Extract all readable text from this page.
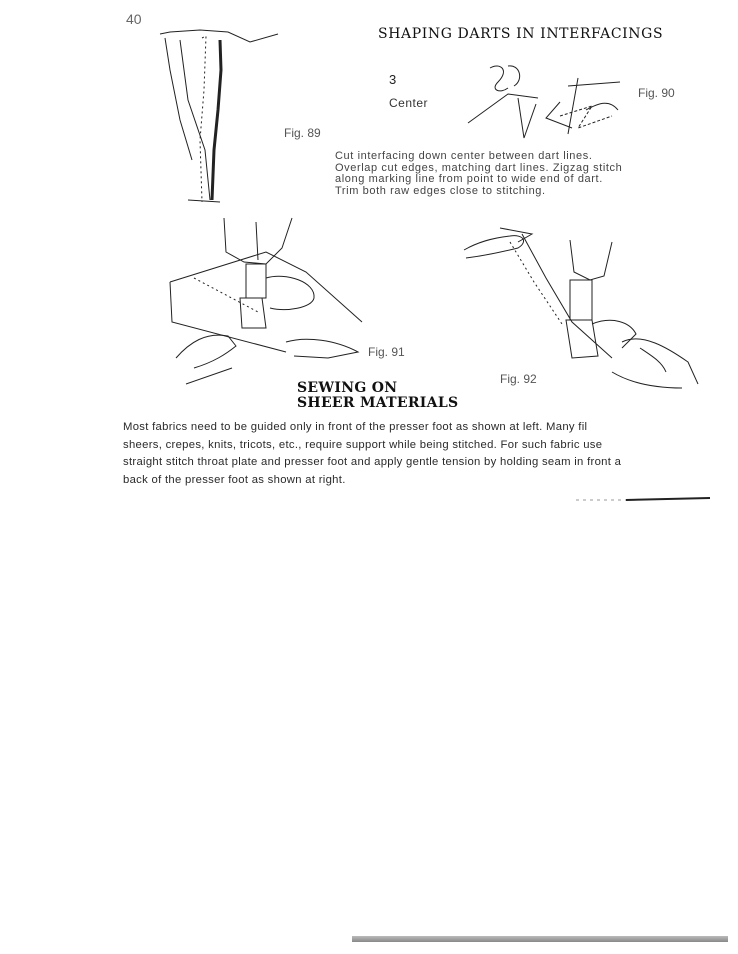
40
SHAPING DARTS IN INTERFACINGS
Fig. 89
3
Center
Fig. 90
Cut interfacing down center between dart lines.
Overlap cut edges, matching dart lines. Zigzag stitch
along marking line from point to wide end of dart.
Trim both raw edges close to stitching.
Fig. 91
Fig. 92
SEWING ON
SHEER MATERIALS
Most fabrics need to be guided only in front of the presser foot as shown at left. Many fil
sheers, crepes, knits, tricots, etc., require support while being stitched. For such fabric use
straight stitch throat plate and presser foot and apply gentle tension by holding seam in front a
back of the presser foot as shown at right.
